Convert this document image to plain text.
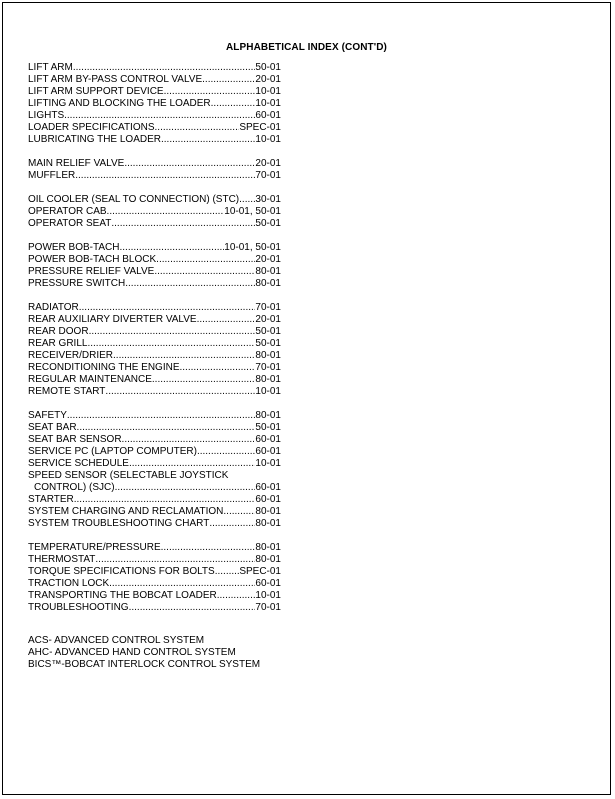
ALPHABETICAL INDEX (CONT'D)
LIFT ARM .....	50-01
LIFT ARM BY-PASS CONTROL VALVE .....	20-01
LIFT ARM SUPPORT DEVICE .....	10-01
LIFTING AND BLOCKING THE LOADER .....	10-01
LIGHTS .....	60-01
LOADER SPECIFICATIONS .....	SPEC-01
LUBRICATING THE LOADER .....	10-01
MAIN RELIEF VALVE .....	20-01
MUFFLER .....	70-01
OIL COOLER (SEAL TO CONNECTION) (STC) ..... 30-01
OPERATOR CAB .....	10-01, 50-01
OPERATOR SEAT .....	50-01
POWER BOB-TACH .....	10-01, 50-01
POWER BOB-TACH BLOCK .....	20-01
PRESSURE RELIEF VALVE .....	80-01
PRESSURE SWITCH .....	80-01
RADIATOR .....	70-01
REAR AUXILIARY DIVERTER VALVE .....	20-01
REAR DOOR .....	50-01
REAR GRILL .....	50-01
RECEIVER/DRIER .....	80-01
RECONDITIONING THE ENGINE .....	70-01
REGULAR MAINTENANCE .....	80-01
REMOTE START .....	10-01
SAFETY .....	80-01
SEAT BAR .....	50-01
SEAT BAR SENSOR .....	60-01
SERVICE PC (LAPTOP COMPUTER) .....	60-01
SERVICE SCHEDULE .....	10-01
SPEED SENSOR (SELECTABLE JOYSTICK
CONTROL) (SJC) .....	60-01
STARTER .....	60-01
SYSTEM CHARGING AND RECLAMATION .....	80-01
SYSTEM TROUBLESHOOTING CHART .....	80-01
TEMPERATURE/PRESSURE .....	80-01
THERMOSTAT .....	80-01
TORQUE SPECIFICATIONS FOR BOLTS ..... SPEC-01
TRACTION LOCK .....	60-01
TRANSPORTING THE BOBCAT LOADER .....	10-01
TROUBLESHOOTING .....	70-01
ACS- ADVANCED CONTROL SYSTEM
AHC- ADVANCED HAND CONTROL SYSTEM
BICS™-BOBCAT INTERLOCK CONTROL SYSTEM
